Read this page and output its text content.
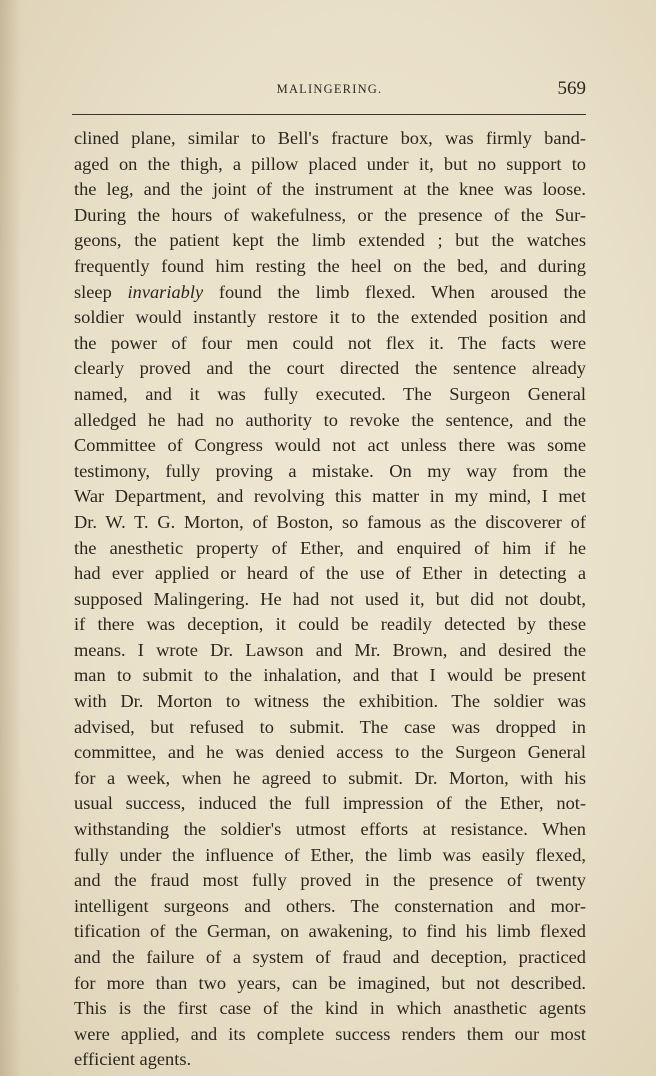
MALINGERING.	569
clined plane, similar to Bell's fracture box, was firmly band-
aged on the thigh, a pillow placed under it, but no support to
the leg, and the joint of the instrument at the knee was loose.
During the hours of wakefulness, or the presence of the Sur-
geons, the patient kept the limb extended ; but the watches
frequently found him resting the heel on the bed, and during
sleep invariably found the limb flexed. When aroused the
soldier would instantly restore it to the extended position and
the power of four men could not flex it. The facts were
clearly proved and the court directed the sentence already
named, and it was fully executed. The Surgeon General
alledged he had no authority to revoke the sentence, and the
Committee of Congress would not act unless there was some
testimony, fully proving a mistake. On my way from the
War Department, and revolving this matter in my mind, I met
Dr. W. T. G. Morton, of Boston, so famous as the discoverer of
the anesthetic property of Ether, and enquired of him if he
had ever applied or heard of the use of Ether in detecting a
supposed Malingering. He had not used it, but did not doubt,
if there was deception, it could be readily detected by these
means. I wrote Dr. Lawson and Mr. Brown, and desired the
man to submit to the inhalation, and that I would be present
with Dr. Morton to witness the exhibition. The soldier was
advised, but refused to submit. The case was dropped in
committee, and he was denied access to the Surgeon General
for a week, when he agreed to submit. Dr. Morton, with his
usual success, induced the full impression of the Ether, not-
withstanding the soldier's utmost efforts at resistance. When
fully under the influence of Ether, the limb was easily flexed,
and the fraud most fully proved in the presence of twenty
intelligent surgeons and others. The consternation and mor-
tification of the German, on awakening, to find his limb flexed
and the failure of a system of fraud and deception, practiced
for more than two years, can be imagined, but not described.
This is the first case of the kind in which anasthetic agents
were applied, and its complete success renders them our most
efficient agents.
